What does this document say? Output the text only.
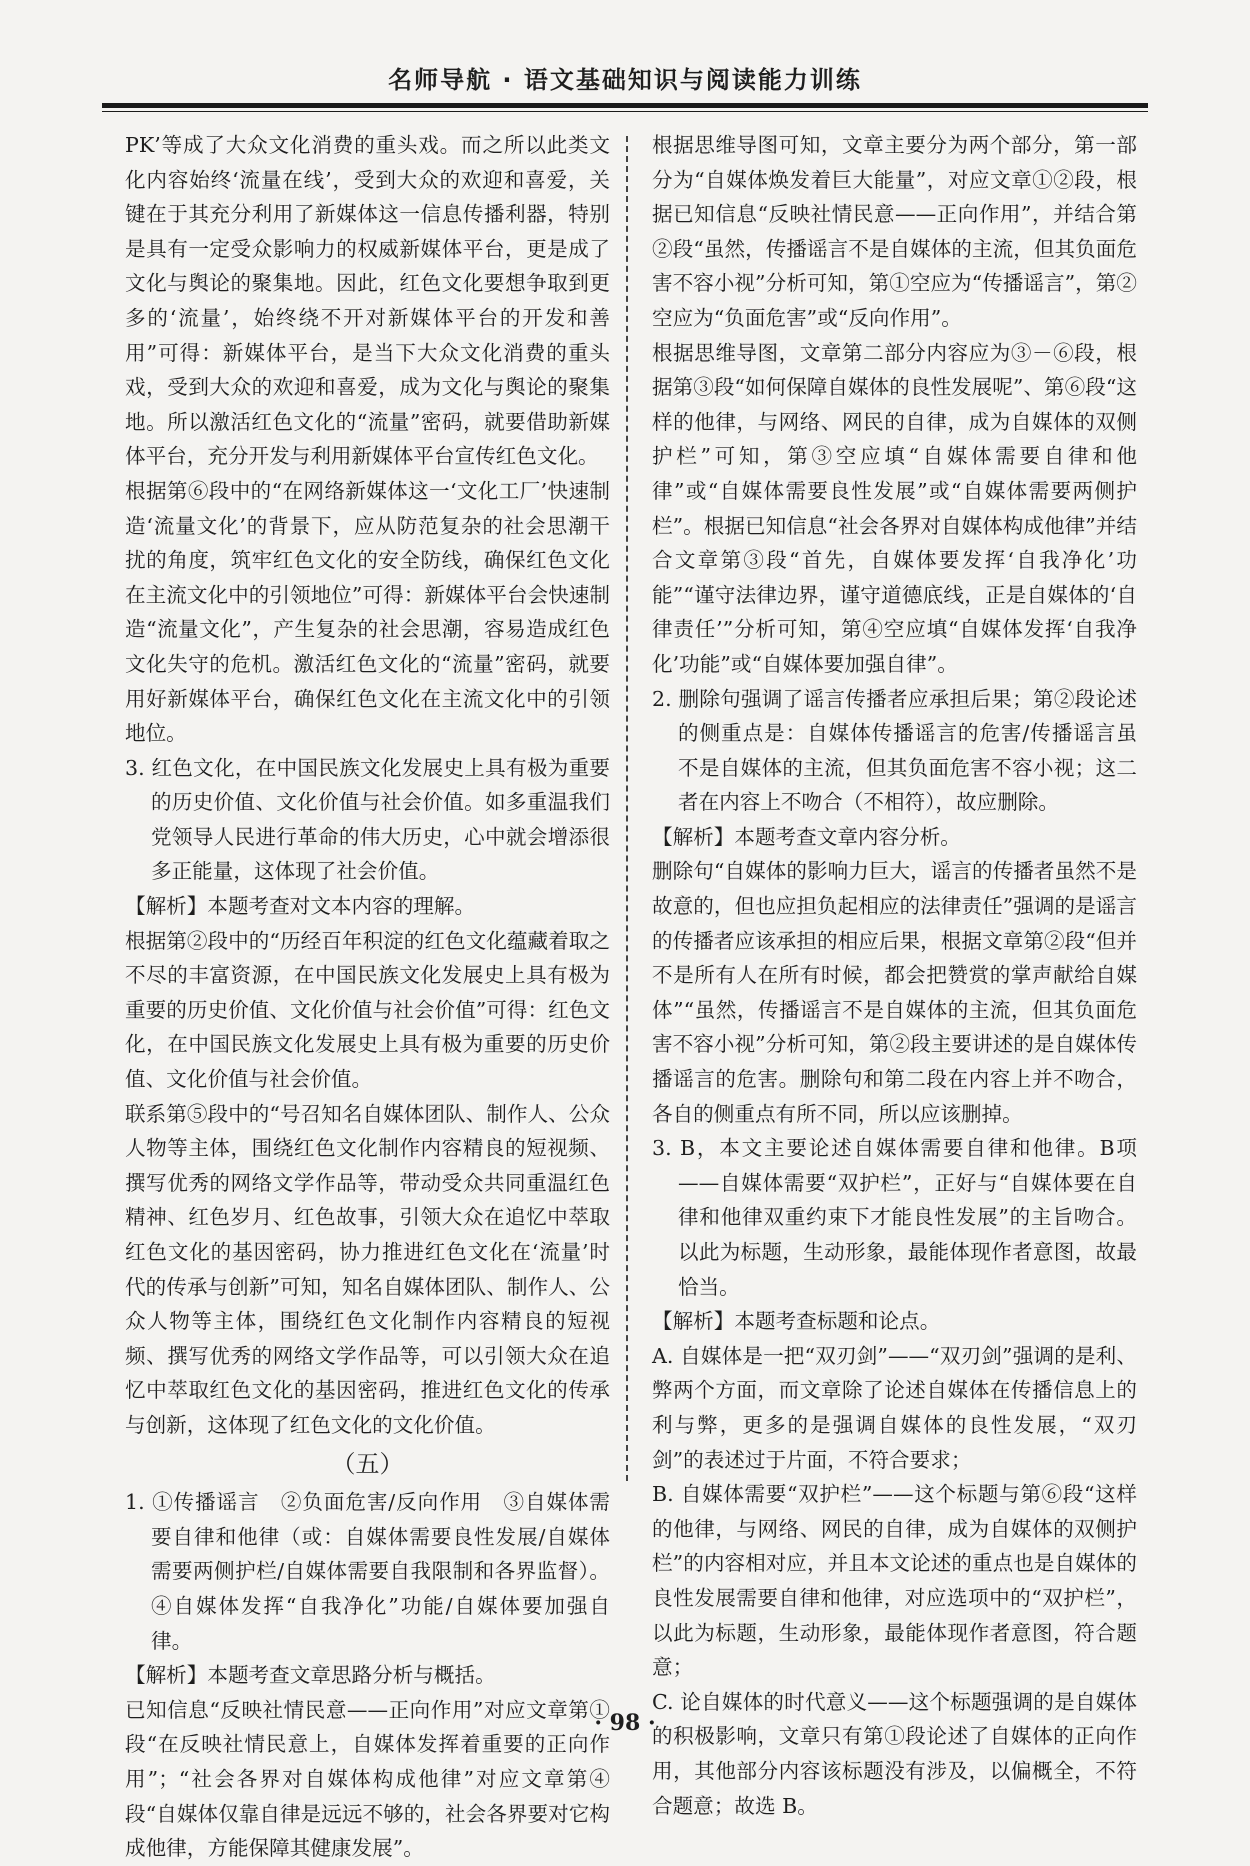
名师导航 · 语文基础知识与阅读能力训练

PK’等成了大众文化消费的重头戏。而之所以此类文化内容始终‘流量在线’，受到大众的欢迎和喜爱，关键在于其充分利用了新媒体这一信息传播利器，特别是具有一定受众影响力的权威新媒体平台，更是成了文化与舆论的聚集地。因此，红色文化要想争取到更多的‘流量’，始终绕不开对新媒体平台的开发和善用”可得：新媒体平台，是当下大众文化消费的重头戏，受到大众的欢迎和喜爱，成为文化与舆论的聚集地。所以激活红色文化的“流量”密码，就要借助新媒体平台，充分开发与利用新媒体平台宣传红色文化。

根据第⑥段中的“在网络新媒体这一‘文化工厂’快速制造‘流量文化’的背景下，应从防范复杂的社会思潮干扰的角度，筑牢红色文化的安全防线，确保红色文化在主流文化中的引领地位”可得：新媒体平台会快速制造“流量文化”，产生复杂的社会思潮，容易造成红色文化失守的危机。激活红色文化的“流量”密码，就要用好新媒体平台，确保红色文化在主流文化中的引领地位。

3. 红色文化，在中国民族文化发展史上具有极为重要的历史价值、文化价值与社会价值。如多重温我们党领导人民进行革命的伟大历史，心中就会增添很多正能量，这体现了社会价值。

【解析】本题考查对文本内容的理解。

根据第②段中的“历经百年积淀的红色文化蕴藏着取之不尽的丰富资源，在中国民族文化发展史上具有极为重要的历史价值、文化价值与社会价值”可得：红色文化，在中国民族文化发展史上具有极为重要的历史价值、文化价值与社会价值。

联系第⑤段中的“号召知名自媒体团队、制作人、公众人物等主体，围绕红色文化制作内容精良的短视频、撰写优秀的网络文学作品等，带动受众共同重温红色精神、红色岁月、红色故事，引领大众在追忆中萃取红色文化的基因密码，协力推进红色文化在‘流量’时代的传承与创新”可知，知名自媒体团队、制作人、公众人物等主体，围绕红色文化制作内容精良的短视频、撰写优秀的网络文学作品等，可以引领大众在追忆中萃取红色文化的基因密码，推进红色文化的传承与创新，这体现了红色文化的文化价值。

（五）

1. ①传播谣言　②负面危害/反向作用　③自媒体需要自律和他律（或：自媒体需要良性发展/自媒体需要两侧护栏/自媒体需要自我限制和各界监督）。④自媒体发挥“自我净化”功能/自媒体要加强自律。

【解析】本题考查文章思路分析与概括。

已知信息“反映社情民意——正向作用”对应文章第①段“在反映社情民意上，自媒体发挥着重要的正向作用”；“社会各界对自媒体构成他律”对应文章第④段“自媒体仅靠自律是远远不够的，社会各界要对它构成他律，方能保障其健康发展”。

根据思维导图可知，文章主要分为两个部分，第一部分为“自媒体焕发着巨大能量”，对应文章①②段，根据已知信息“反映社情民意——正向作用”，并结合第②段“虽然，传播谣言不是自媒体的主流，但其负面危害不容小视”分析可知，第①空应为“传播谣言”，第②空应为“负面危害”或“反向作用”。

根据思维导图，文章第二部分内容应为③－⑥段，根据第③段“如何保障自媒体的良性发展呢”、第⑥段“这样的他律，与网络、网民的自律，成为自媒体的双侧护栏”可知，第③空应填“自媒体需要自律和他律”或“自媒体需要良性发展”或“自媒体需要两侧护栏”。根据已知信息“社会各界对自媒体构成他律”并结合文章第③段“首先，自媒体要发挥‘自我净化’功能”“谨守法律边界，谨守道德底线，正是自媒体的‘自律责任’”分析可知，第④空应填“自媒体发挥‘自我净化’功能”或“自媒体要加强自律”。

2. 删除句强调了谣言传播者应承担后果；第②段论述的侧重点是：自媒体传播谣言的危害/传播谣言虽不是自媒体的主流，但其负面危害不容小视；这二者在内容上不吻合（不相符），故应删除。

【解析】本题考查文章内容分析。

删除句“自媒体的影响力巨大，谣言的传播者虽然不是故意的，但也应担负起相应的法律责任”强调的是谣言的传播者应该承担的相应后果，根据文章第②段“但并不是所有人在所有时候，都会把赞赏的掌声献给自媒体”“虽然，传播谣言不是自媒体的主流，但其负面危害不容小视”分析可知，第②段主要讲述的是自媒体传播谣言的危害。删除句和第二段在内容上并不吻合，各自的侧重点有所不同，所以应该删掉。

3. B，本文主要论述自媒体需要自律和他律。B项——自媒体需要“双护栏”，正好与“自媒体要在自律和他律双重约束下才能良性发展”的主旨吻合。以此为标题，生动形象，最能体现作者意图，故最恰当。

【解析】本题考查标题和论点。

A. 自媒体是一把“双刃剑”——“双刃剑”强调的是利、弊两个方面，而文章除了论述自媒体在传播信息上的利与弊，更多的是强调自媒体的良性发展，“双刃剑”的表述过于片面，不符合要求；

B. 自媒体需要“双护栏”——这个标题与第⑥段“这样的他律，与网络、网民的自律，成为自媒体的双侧护栏”的内容相对应，并且本文论述的重点也是自媒体的良性发展需要自律和他律，对应选项中的“双护栏”，以此为标题，生动形象，最能体现作者意图，符合题意；

C. 论自媒体的时代意义——这个标题强调的是自媒体的积极影响，文章只有第①段论述了自媒体的正向作用，其他部分内容该标题没有涉及，以偏概全，不符合题意；故选 B。

· 98 ·
